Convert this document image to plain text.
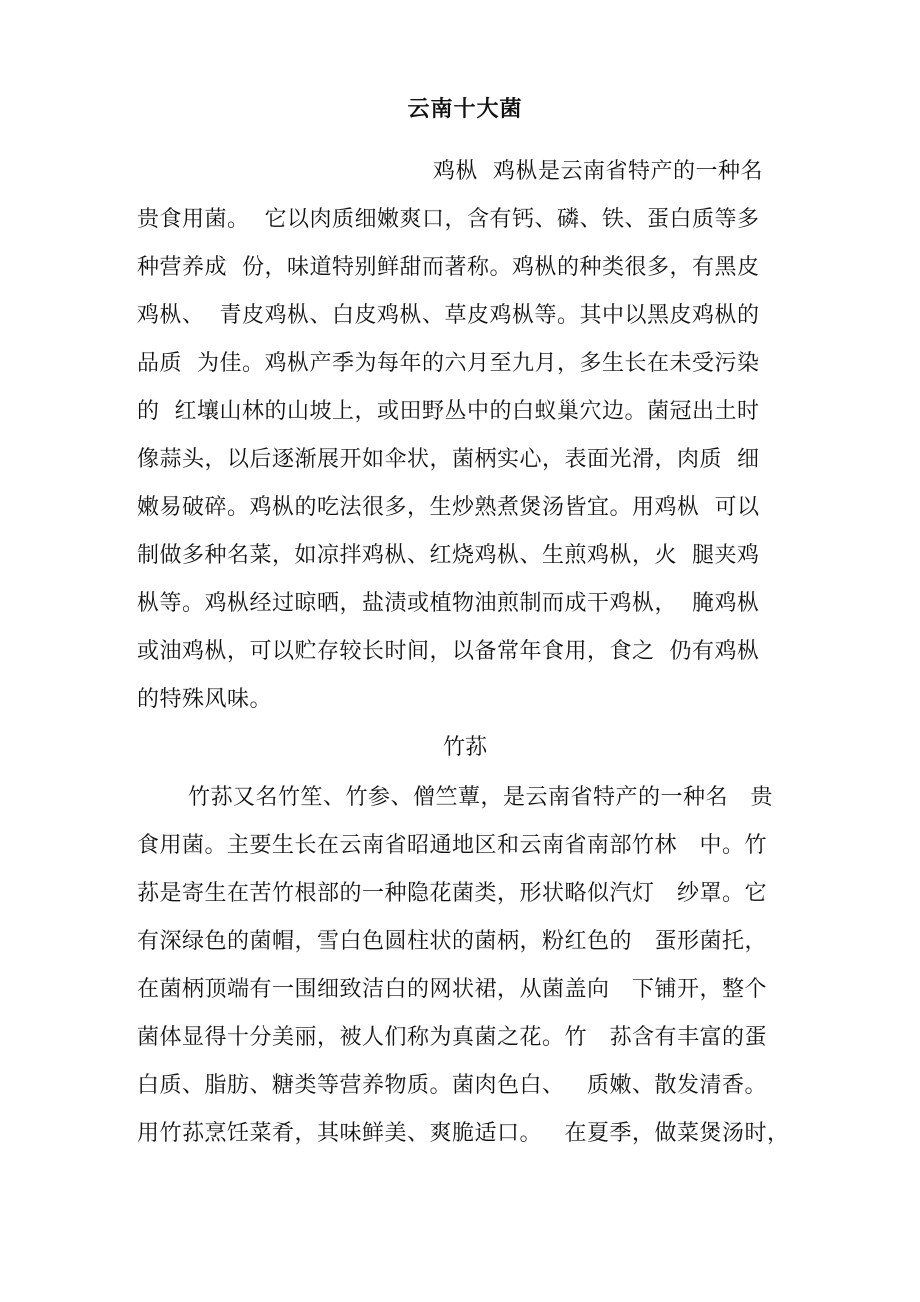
云南十大菌
鸡枞  鸡枞是云南省特产的一种名
贵食用菌。  它以肉质细嫩爽口，含有钙、磷、铁、蛋白质等多
种营养成  份，味道特别鲜甜而著称。鸡枞的种类很多，有黑皮
鸡枞、  青皮鸡枞、白皮鸡枞、草皮鸡枞等。其中以黑皮鸡枞的
品质  为佳。鸡枞产季为每年的六月至九月，多生长在未受污染
的  红壤山林的山坡上，或田野丛中的白蚁巢穴边。菌冠出土时
像蒜头，以后逐渐展开如伞状，菌柄实心，表面光滑，肉质  细
嫩易破碎。鸡枞的吃法很多，生炒熟煮煲汤皆宜。用鸡枞  可以
制做多种名菜，如凉拌鸡枞、红烧鸡枞、生煎鸡枞，火  腿夹鸡
枞等。鸡枞经过晾晒，盐渍或植物油煎制而成干鸡枞，  腌鸡枞
或油鸡枞，可以贮存较长时间，以备常年食用，食之  仍有鸡枞
的特殊风味。
竹荪
竹荪又名竹笙、竹参、僧竺蕈，是云南省特产的一种名   贵
食用菌。主要生长在云南省昭通地区和云南省南部竹林   中。竹
荪是寄生在苦竹根部的一种隐花菌类，形状略似汽灯   纱罩。它
有深绿色的菌帽，雪白色圆柱状的菌柄，粉红色的   蛋形菌托，
在菌柄顶端有一围细致洁白的网状裙，从菌盖向   下铺开，整个
菌体显得十分美丽，被人们称为真菌之花。竹   荪含有丰富的蛋
白质、脂肪、糖类等营养物质。菌肉色白、   质嫩、散发清香。
用竹荪烹饪菜肴，其味鲜美、爽脆适口。   在夏季，做菜煲汤时，
